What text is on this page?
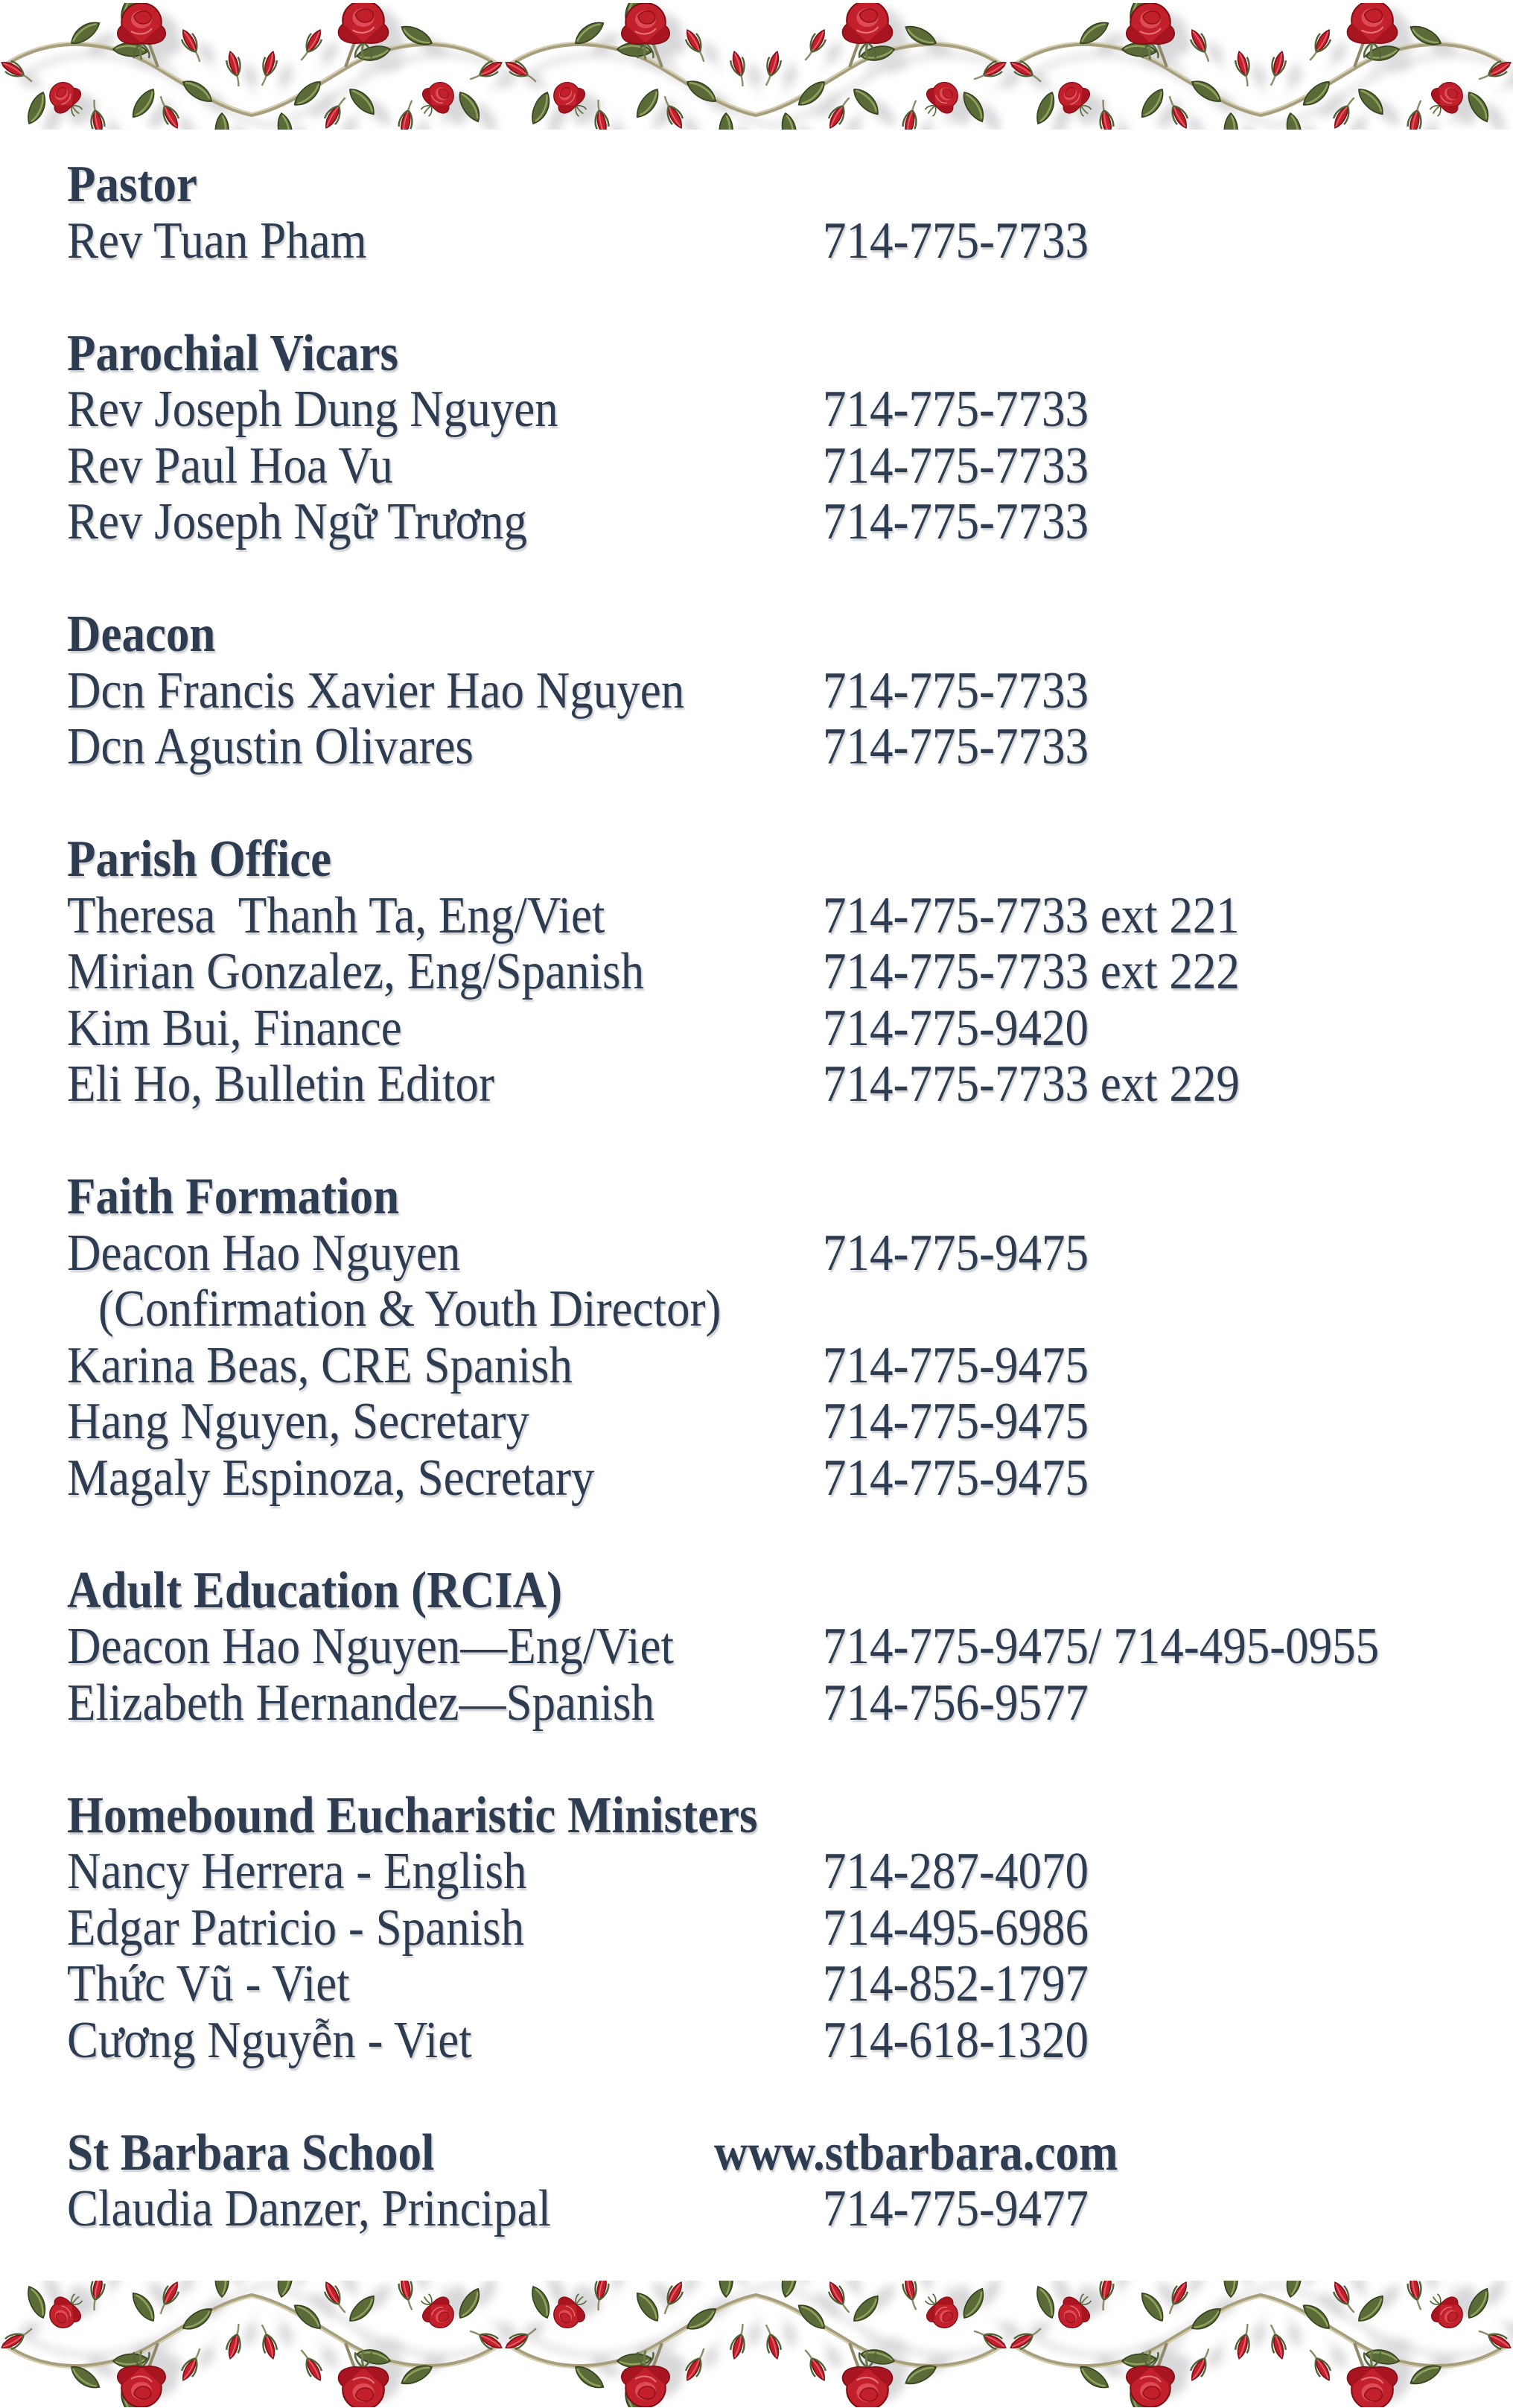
Pastor
Rev Tuan Pham	714-775-7733
Parochial Vicars
Rev Joseph Dung Nguyen	714-775-7733
Rev Paul Hoa Vu	714-775-7733
Rev Joseph Ngữ Trương	714-775-7733
Deacon
Dcn Francis Xavier Hao Nguyen	714-775-7733
Dcn Agustin Olivares	714-775-7733
Parish Office
Theresa  Thanh Ta, Eng/Viet	714-775-7733 ext 221
Mirian Gonzalez, Eng/Spanish	714-775-7733 ext 222
Kim Bui, Finance	714-775-9420
Eli Ho, Bulletin Editor	714-775-7733 ext 229
Faith Formation
Deacon Hao Nguyen	714-775-9475
(Confirmation & Youth Director)
Karina Beas, CRE Spanish	714-775-9475
Hang Nguyen, Secretary	714-775-9475
Magaly Espinoza, Secretary	714-775-9475
Adult Education (RCIA)
Deacon Hao Nguyen—Eng/Viet	714-775-9475/ 714-495-0955
Elizabeth Hernandez—Spanish	714-756-9577
Homebound Eucharistic Ministers
Nancy Herrera - English	714-287-4070
Edgar Patricio - Spanish	714-495-6986
Thức Vũ - Viet	714-852-1797
Cương Nguyễn - Viet	714-618-1320
St Barbara School	www.stbarbara.com
Claudia Danzer, Principal	714-775-9477
